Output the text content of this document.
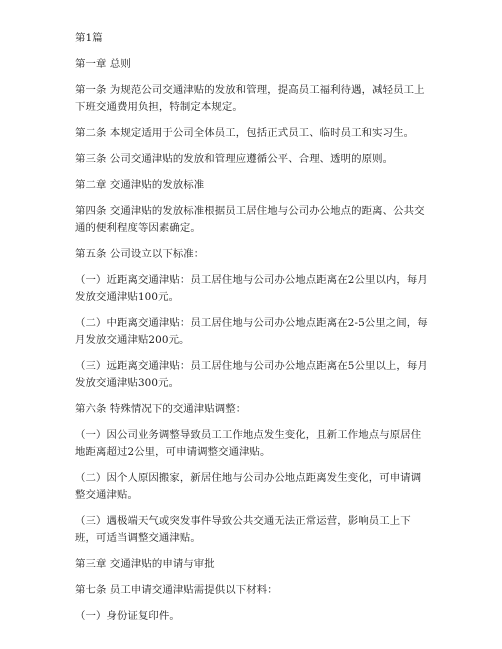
第1篇

第一章 总则

第一条 为规范公司交通津贴的发放和管理，提高员工福利待遇，减轻员工上下班交通费用负担，特制定本规定。

第二条 本规定适用于公司全体员工，包括正式员工、临时员工和实习生。

第三条 公司交通津贴的发放和管理应遵循公平、合理、透明的原则。

第二章 交通津贴的发放标准

第四条 交通津贴的发放标准根据员工居住地与公司办公地点的距离、公共交通的便利程度等因素确定。

第五条 公司设立以下标准：

（一）近距离交通津贴：员工居住地与公司办公地点距离在2公里以内，每月发放交通津贴100元。

（二）中距离交通津贴：员工居住地与公司办公地点距离在2-5公里之间，每月发放交通津贴200元。

（三）远距离交通津贴：员工居住地与公司办公地点距离在5公里以上，每月发放交通津贴300元。

第六条 特殊情况下的交通津贴调整：

（一）因公司业务调整导致员工工作地点发生变化，且新工作地点与原居住地距离超过2公里，可申请调整交通津贴。

（二）因个人原因搬家，新居住地与公司办公地点距离发生变化，可申请调整交通津贴。

（三）遇极端天气或突发事件导致公共交通无法正常运营，影响员工上下班，可适当调整交通津贴。

第三章 交通津贴的申请与审批

第七条 员工申请交通津贴需提供以下材料：

（一）身份证复印件。
